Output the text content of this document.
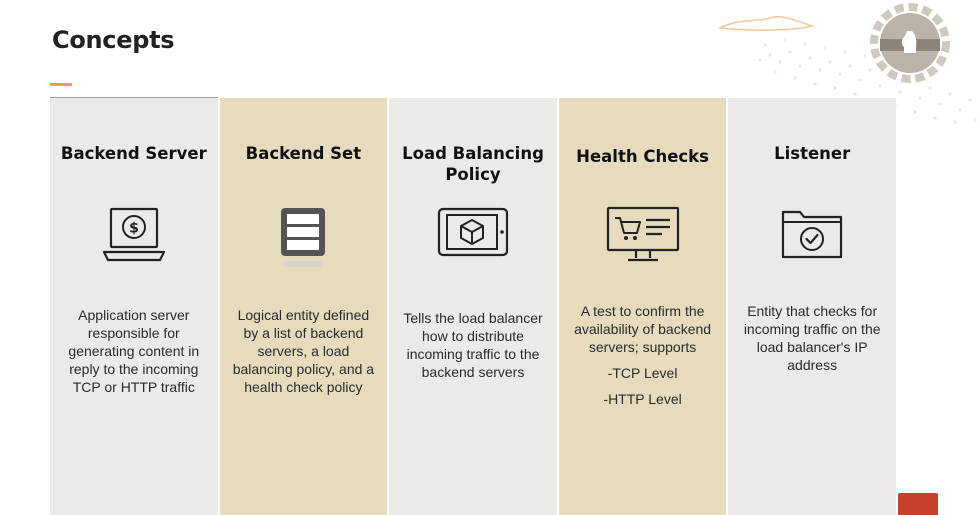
Concepts
Backend Server
$
Application server responsible for generating content in reply to the incoming TCP or HTTP traffic
Backend Set
Logical entity defined by a list of backend servers, a load balancing policy, and a health check policy
Load Balancing Policy
Tells the load balancer how to distribute incoming traffic to the backend servers
Health Checks
A test to confirm the availability of backend servers; supports
-TCP Level
-HTTP Level
Listener
Entity that checks for incoming traffic on the load balancer's IP address
